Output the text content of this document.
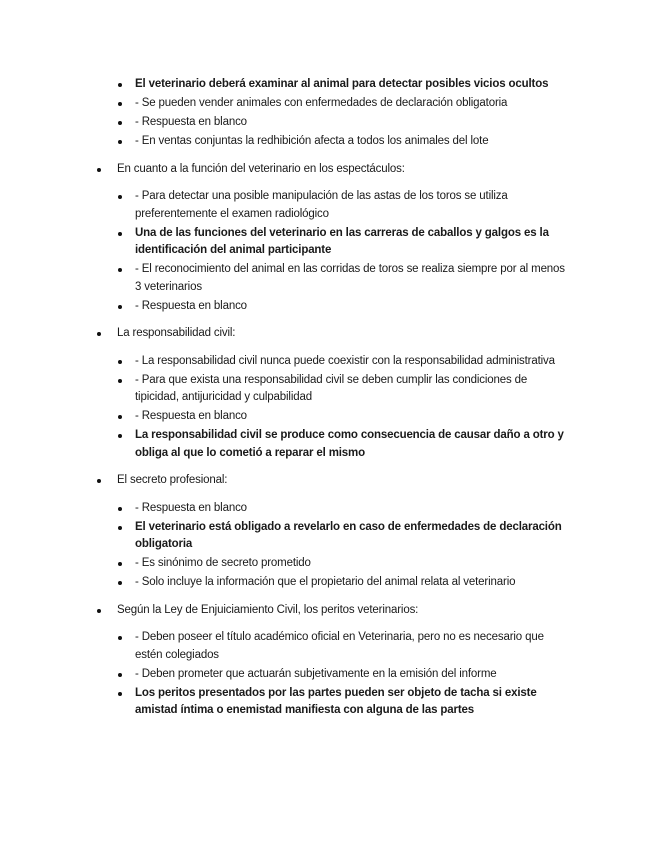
El veterinario deberá examinar al animal para detectar posibles vicios ocultos
- Se pueden vender animales con enfermedades de declaración obligatoria
- Respuesta en blanco
- En ventas conjuntas la redhibición afecta a todos los animales del lote
En cuanto a la función del veterinario en los espectáculos:
- Para detectar una posible manipulación de las astas de los toros se utiliza preferentemente el examen radiológico
Una de las funciones del veterinario en las carreras de caballos y galgos es la identificación del animal participante
- El reconocimiento del animal en las corridas de toros se realiza siempre por al menos 3 veterinarios
- Respuesta en blanco
La responsabilidad civil:
- La responsabilidad civil nunca puede coexistir con la responsabilidad administrativa
- Para que exista una responsabilidad civil se deben cumplir las condiciones de tipicidad, antijuricidad y culpabilidad
- Respuesta en blanco
La responsabilidad civil se produce como consecuencia de causar daño a otro y obliga al que lo cometió a reparar el mismo
El secreto profesional:
- Respuesta en blanco
El veterinario está obligado a revelarlo en caso de enfermedades de declaración obligatoria
- Es sinónimo de secreto prometido
- Solo incluye la información que el propietario del animal relata al veterinario
Según la Ley de Enjuiciamiento Civil, los peritos veterinarios:
- Deben poseer el título académico oficial en Veterinaria, pero no es necesario que estén colegiados
- Deben prometer que actuarán subjetivamente en la emisión del informe
Los peritos presentados por las partes pueden ser objeto de tacha si existe amistad íntima o enemistad manifiesta con alguna de las partes
